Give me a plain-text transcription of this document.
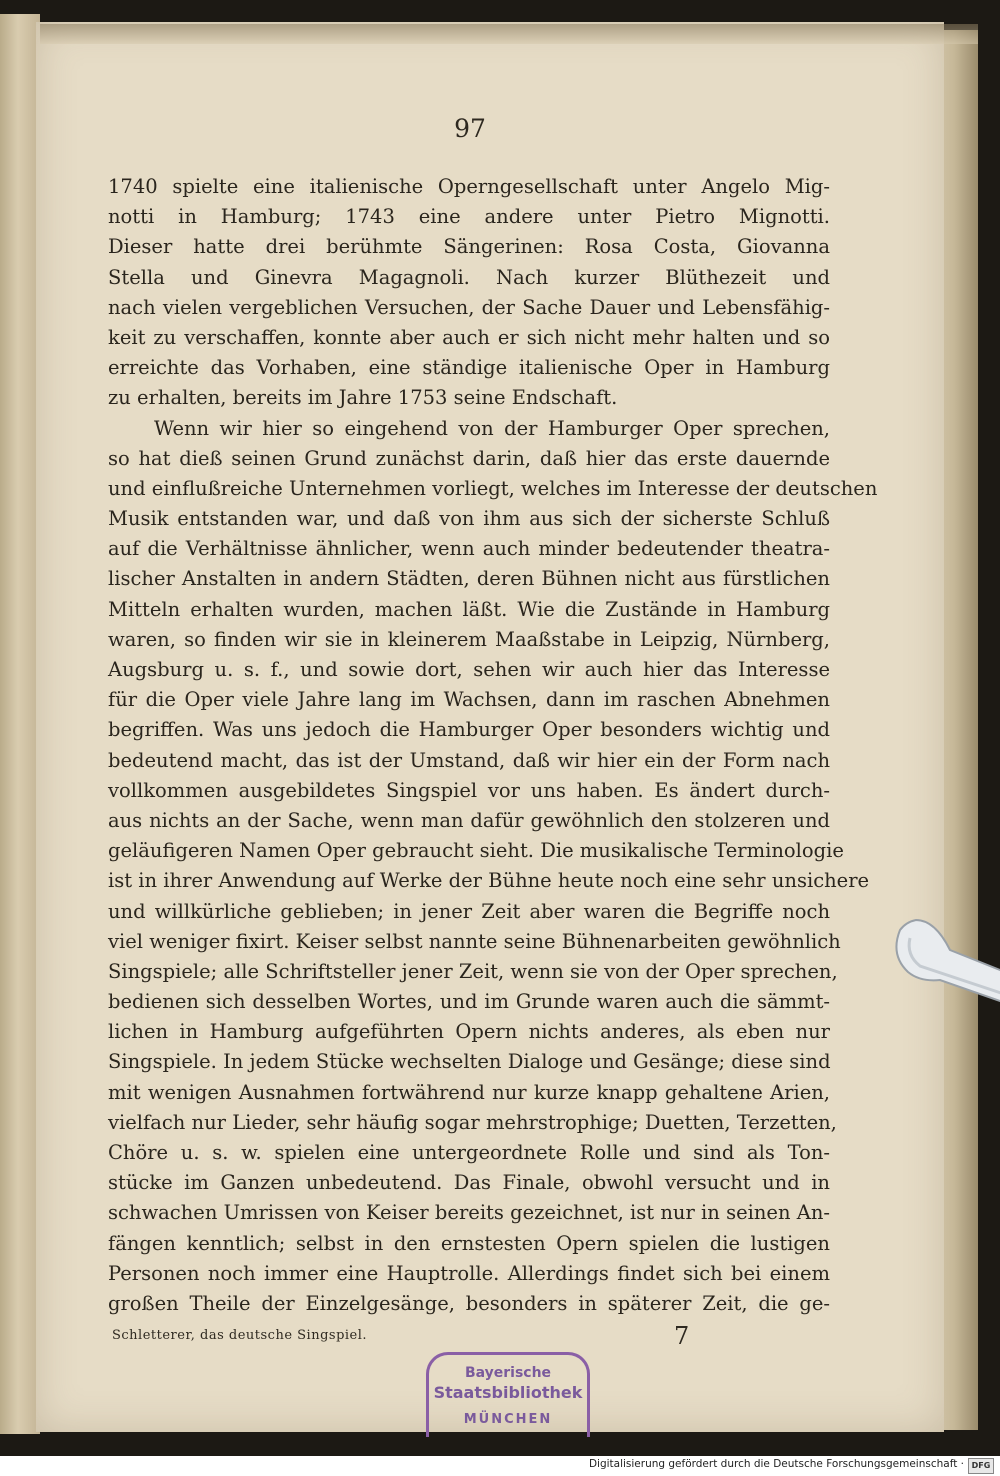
97
1740 spielte eine italienische Operngesellschaft unter Angelo Mig-
notti in Hamburg; 1743 eine andere unter Pietro Mignotti.
Dieser hatte drei berühmte Sängerinen: Rosa Costa, Giovanna
Stella und Ginevra Magagnoli. Nach kurzer Blüthezeit und
nach vielen vergeblichen Versuchen, der Sache Dauer und Lebensfähig-
keit zu verschaffen, konnte aber auch er sich nicht mehr halten und so
erreichte das Vorhaben, eine ständige italienische Oper in Hamburg
zu erhalten, bereits im Jahre 1753 seine Endschaft.
Wenn wir hier so eingehend von der Hamburger Oper sprechen,
so hat dieß seinen Grund zunächst darin, daß hier das erste dauernde
und einflußreiche Unternehmen vorliegt, welches im Interesse der deutschen
Musik entstanden war, und daß von ihm aus sich der sicherste Schluß
auf die Verhältnisse ähnlicher, wenn auch minder bedeutender theatra-
lischer Anstalten in andern Städten, deren Bühnen nicht aus fürstlichen
Mitteln erhalten wurden, machen läßt. Wie die Zustände in Hamburg
waren, so finden wir sie in kleinerem Maaßstabe in Leipzig, Nürnberg,
Augsburg u. s. f., und sowie dort, sehen wir auch hier das Interesse
für die Oper viele Jahre lang im Wachsen, dann im raschen Abnehmen
begriffen. Was uns jedoch die Hamburger Oper besonders wichtig und
bedeutend macht, das ist der Umstand, daß wir hier ein der Form nach
vollkommen ausgebildetes Singspiel vor uns haben. Es ändert durch-
aus nichts an der Sache, wenn man dafür gewöhnlich den stolzeren und
geläufigeren Namen Oper gebraucht sieht. Die musikalische Terminologie
ist in ihrer Anwendung auf Werke der Bühne heute noch eine sehr unsichere
und willkürliche geblieben; in jener Zeit aber waren die Begriffe noch
viel weniger fixirt. Keiser selbst nannte seine Bühnenarbeiten gewöhnlich
Singspiele; alle Schriftsteller jener Zeit, wenn sie von der Oper sprechen,
bedienen sich desselben Wortes, und im Grunde waren auch die sämmt-
lichen in Hamburg aufgeführten Opern nichts anderes, als eben nur
Singspiele. In jedem Stücke wechselten Dialoge und Gesänge; diese sind
mit wenigen Ausnahmen fortwährend nur kurze knapp gehaltene Arien,
vielfach nur Lieder, sehr häufig sogar mehrstrophige; Duetten, Terzetten,
Chöre u. s. w. spielen eine untergeordnete Rolle und sind als Ton-
stücke im Ganzen unbedeutend. Das Finale, obwohl versucht und in
schwachen Umrissen von Keiser bereits gezeichnet, ist nur in seinen An-
fängen kenntlich; selbst in den ernstesten Opern spielen die lustigen
Personen noch immer eine Hauptrolle. Allerdings findet sich bei einem
großen Theile der Einzelgesänge, besonders in späterer Zeit, die ge-
Schletterer, das deutsche Singspiel.	7
Bayerische
Staatsbibliothek
MÜNCHEN
Digitalisierung gefördert durch die Deutsche Forschungsgemeinschaft · DFG
